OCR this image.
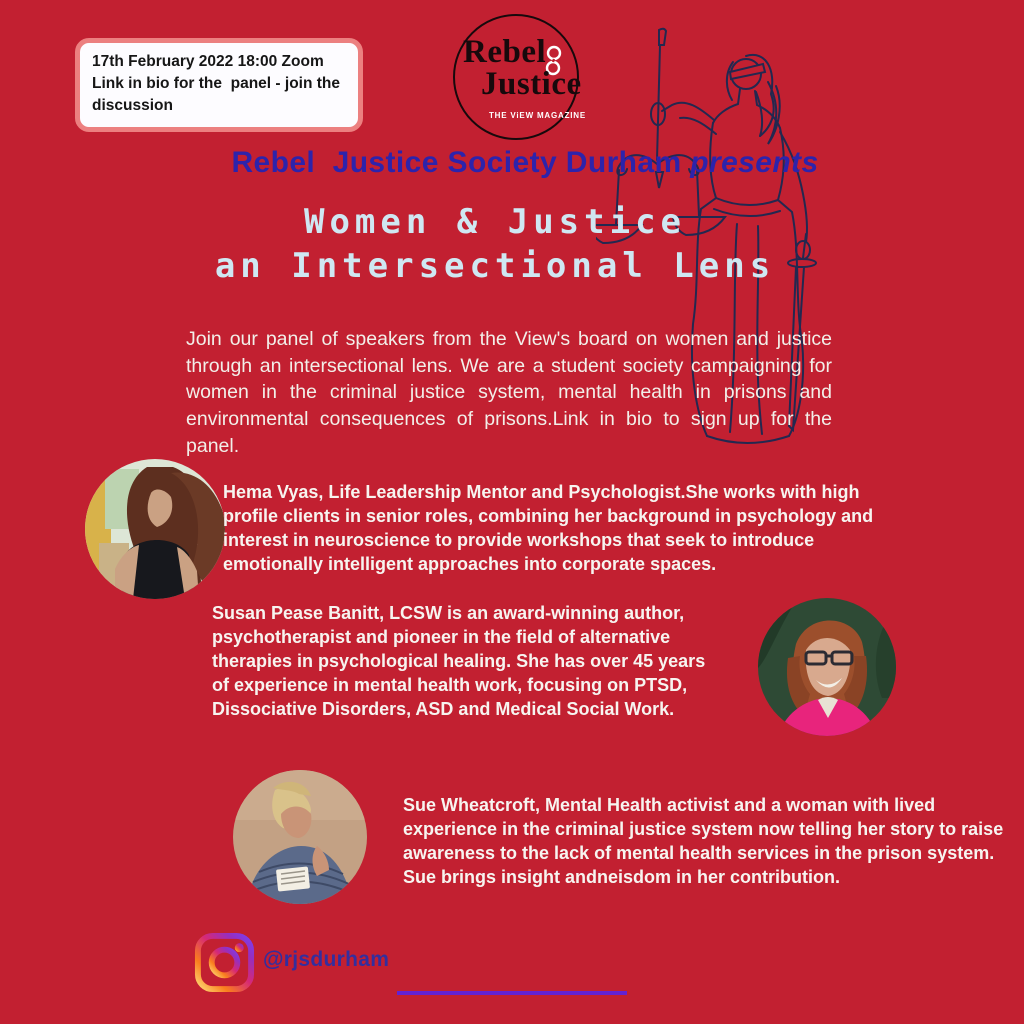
17th February 2022 18:00 Zoom Link in bio for the  panel - join the discussion

Rebel
Justice
THE ViEW MAGAZINE
Rebel  Justice Society Durham presents
Women & Justice
an Intersectional Lens

Join our panel of speakers from the View's board on women and justice through an intersectional lens. We are a student society campaigning for women in the criminal justice system, mental health in prisons and environmental consequences of prisons.Link in bio to sign up for the panel.

Hema Vyas, Life Leadership Mentor and Psychologist.She works with high profile clients in senior roles, combining her background in psychology and interest in neuroscience to provide workshops that seek to introduce emotionally intelligent approaches into corporate spaces.

Susan Pease Banitt, LCSW is an award-winning author, psychotherapist and pioneer in the field of alternative therapies in psychological healing. She has over 45 years of experience in mental health work, focusing on PTSD, Dissociative Disorders, ASD and Medical Social Work.

Sue Wheatcroft, Mental Health activist and a woman with lived experience in the criminal justice system now telling her story to raise awareness to the lack of mental health services in the prison system. Sue brings insight andneisdom in her contribution.

@rjsdurham
